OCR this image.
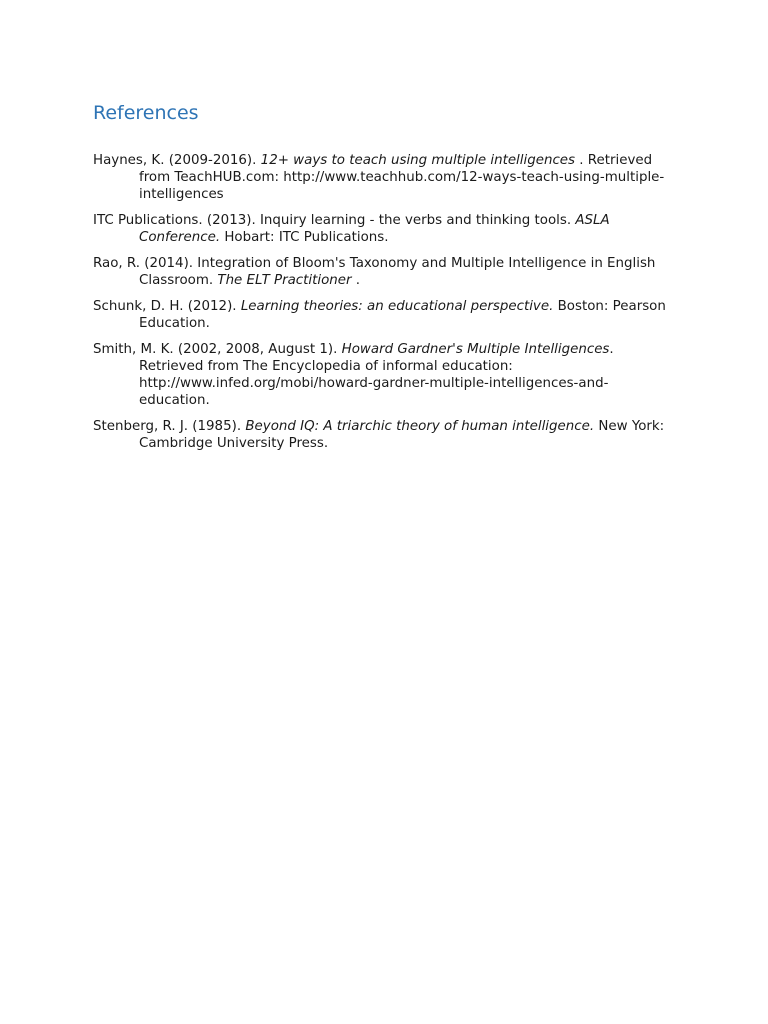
References
Haynes, K. (2009-2016). 12+ ways to teach using multiple intelligences . Retrieved from TeachHUB.com: http://www.teachhub.com/12-ways-teach-using-multiple-intelligences
ITC Publications. (2013). Inquiry learning - the verbs and thinking tools. ASLA Conference. Hobart: ITC Publications.
Rao, R. (2014). Integration of Bloom's Taxonomy and Multiple Intelligence in English Classroom. The ELT Practitioner .
Schunk, D. H. (2012). Learning theories: an educational perspective. Boston: Pearson Education.
Smith, M. K. (2002, 2008, August 1). Howard Gardner's Multiple Intelligences. Retrieved from The Encyclopedia of informal education: http://www.infed.org/mobi/howard-gardner-multiple-intelligences-and-education.
Stenberg, R. J. (1985). Beyond IQ: A triarchic theory of human intelligence. New York: Cambridge University Press.
